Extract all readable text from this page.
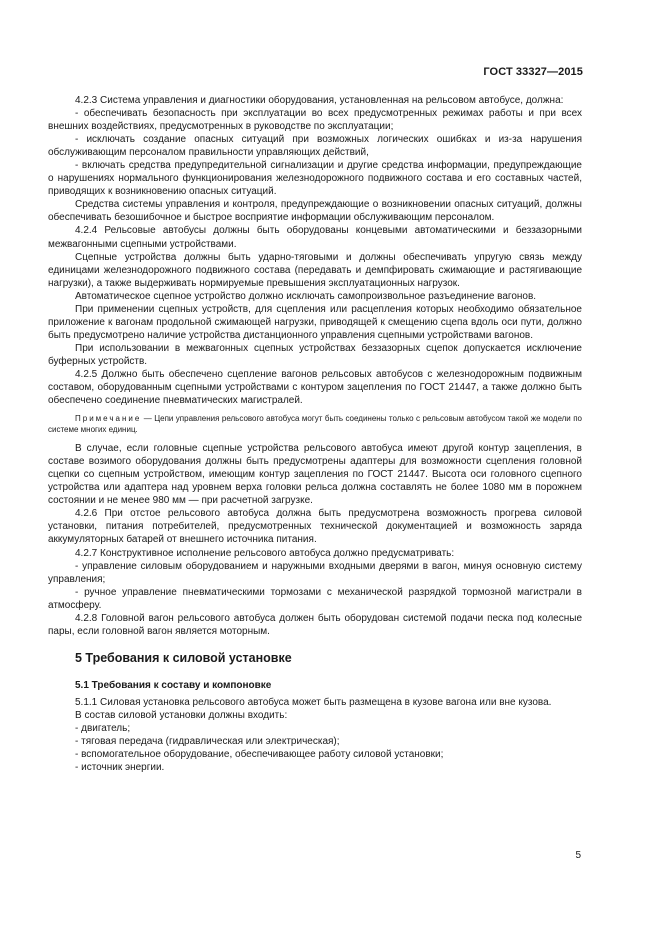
ГОСТ 33327—2015

4.2.3 Система управления и диагностики оборудования, установленная на рельсовом автобусе, должна:

- обеспечивать безопасность при эксплуатации во всех предусмотренных режимах работы и при всех внешних воздействиях, предусмотренных в руководстве по эксплуатации;

- исключать создание опасных ситуаций при возможных логических ошибках и из-за нарушения обслуживающим персоналом правильности управляющих действий,

- включать средства предупредительной сигнализации и другие средства информации, предупреждающие о нарушениях нормального функционирования железнодорожного подвижного состава и его составных частей, приводящих к возникновению опасных ситуаций.

Средства системы управления и контроля, предупреждающие о возникновении опасных ситуаций, должны обеспечивать безошибочное и быстрое восприятие информации обслуживающим персоналом.

4.2.4 Рельсовые автобусы должны быть оборудованы концевыми автоматическими и беззазорными межвагонными сцепными устройствами.

Сцепные устройства должны быть ударно-тяговыми и должны обеспечивать упругую связь между единицами железнодорожного подвижного состава (передавать и демпфировать сжимающие и растягивающие нагрузки), а также выдерживать нормируемые превышения эксплуатационных нагрузок.

Автоматическое сцепное устройство должно исключать самопроизвольное разъединение вагонов.

При применении сцепных устройств, для сцепления или расцепления которых необходимо обязательное приложение к вагонам продольной сжимающей нагрузки, приводящей к смещению сцепа вдоль оси пути, должно быть предусмотрено наличие устройства дистанционного управления сцепными устройствами вагонов.

При использовании в межвагонных сцепных устройствах беззазорных сцепок допускается исключение буферных устройств.

4.2.5 Должно быть обеспечено сцепление вагонов рельсовых автобусов с железнодорожным подвижным составом, оборудованным сцепными устройствами с контуром зацепления по ГОСТ 21447, а также должно быть обеспечено соединение пневматических магистралей.

Примечание — Цепи управления рельсового автобуса могут быть соединены только с рельсовым автобусом такой же модели по системе многих единиц.

В случае, если головные сцепные устройства рельсового автобуса имеют другой контур зацепления, в составе возимого оборудования должны быть предусмотрены адаптеры для возможности сцепления головной сцепки со сцепным устройством, имеющим контур зацепления по ГОСТ 21447. Высота оси головного сцепного устройства или адаптера над уровнем верха головки рельса должна составлять не более 1080 мм в порожнем состоянии и не менее 980 мм — при расчетной загрузке.

4.2.6 При отстое рельсового автобуса должна быть предусмотрена возможность прогрева силовой установки, питания потребителей, предусмотренных технической документацией и возможность заряда аккумуляторных батарей от внешнего источника питания.

4.2.7 Конструктивное исполнение рельсового автобуса должно предусматривать:

- управление силовым оборудованием и наружными входными дверями в вагон, минуя основную систему управления;

- ручное управление пневматическими тормозами с механической разрядкой тормозной магистрали в атмосферу.

4.2.8 Головной вагон рельсового автобуса должен быть оборудован системой подачи песка под колесные пары, если головной вагон является моторным.

5 Требования к силовой установке
5.1 Требования к составу и компоновке

5.1.1 Силовая установка рельсового автобуса может быть размещена в кузове вагона или вне кузова.

В состав силовой установки должны входить:

- двигатель;

- тяговая передача (гидравлическая или электрическая);

- вспомогательное оборудование, обеспечивающее работу силовой установки;

- источник энергии.

5
